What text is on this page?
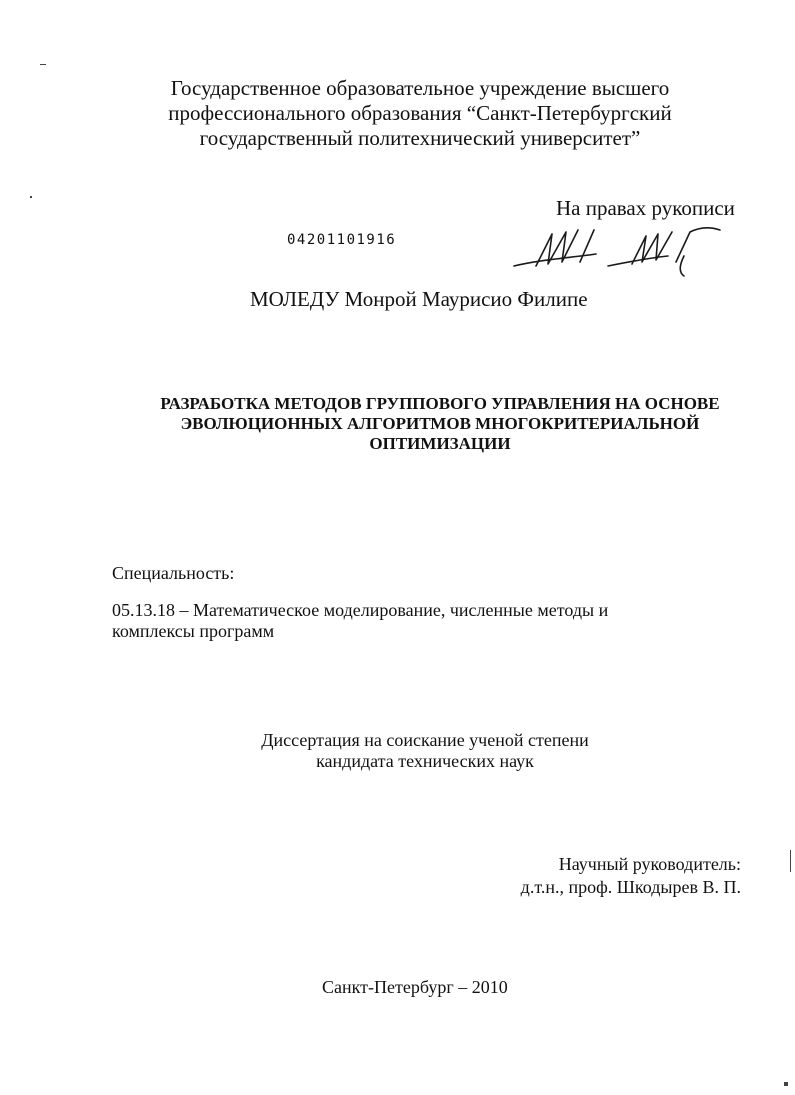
Государственное образовательное учреждение высшего
профессионального образования “Санкт-Петербургский
государственный политехнический университет”
На правах рукописи
04201101916
МОЛЕДУ Монрой Маурисио Филипе
РАЗРАБОТКА МЕТОДОВ ГРУППОВОГО УПРАВЛЕНИЯ НА ОСНОВЕ
ЭВОЛЮЦИОННЫХ АЛГОРИТМОВ МНОГОКРИТЕРИАЛЬНОЙ
ОПТИМИЗАЦИИ
Специальность:
05.13.18 – Математическое моделирование, численные методы и
комплексы программ
Диссертация на соискание ученой степени
кандидата технических наук
Научный руководитель:
д.т.н., проф. Шкодырев В. П.
Санкт-Петербург – 2010
